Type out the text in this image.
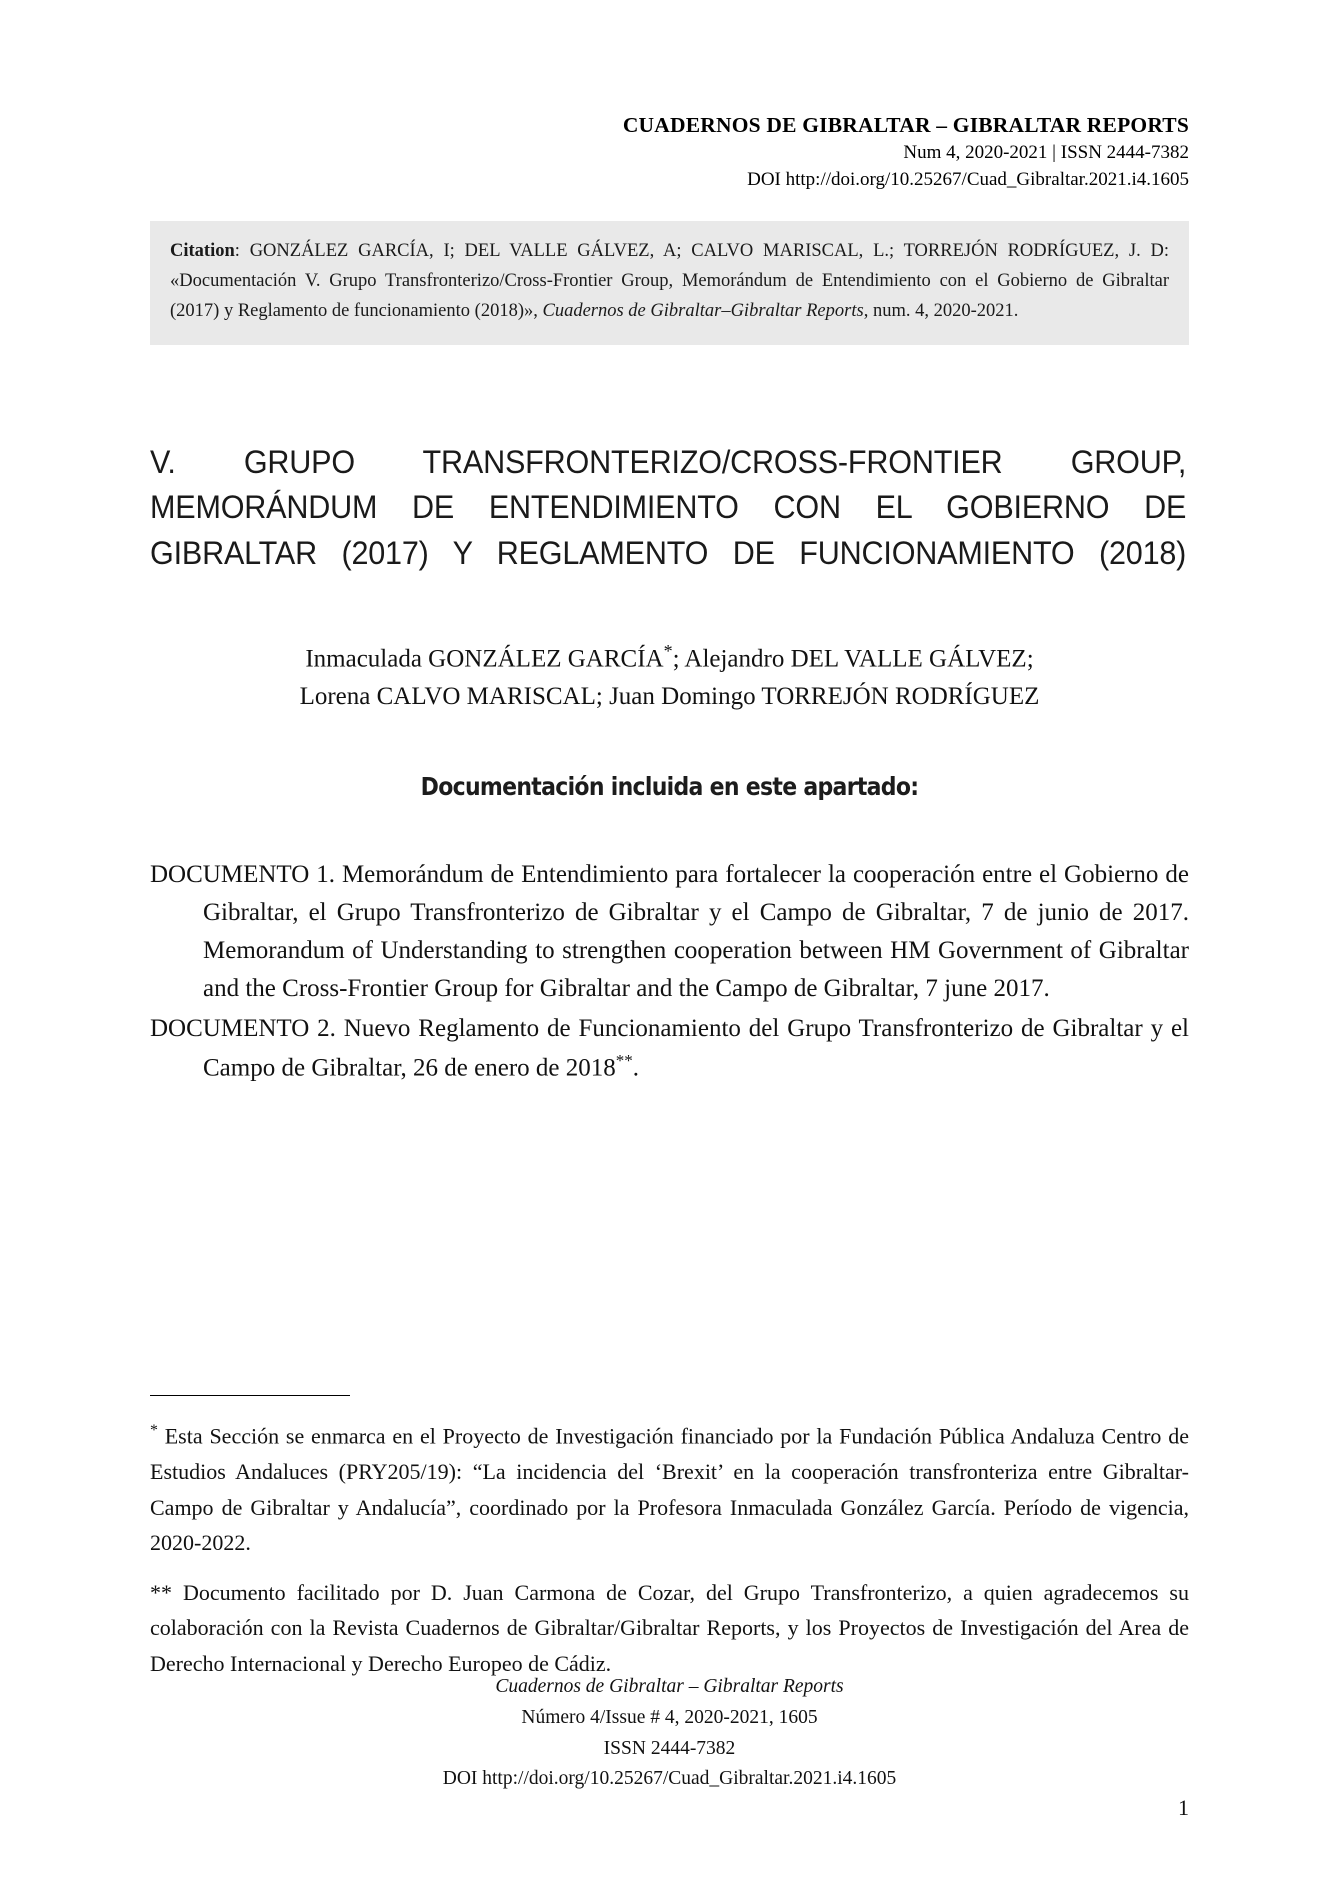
CUADERNOS DE GIBRALTAR – GIBRALTAR REPORTS
Num 4, 2020-2021 | ISSN 2444-7382
DOI http://doi.org/10.25267/Cuad_Gibraltar.2021.i4.1605

Citation: GONZÁLEZ GARCÍA, I; DEL VALLE GÁLVEZ, A; CALVO MARISCAL, L.; TORREJÓN RODRÍGUEZ, J. D: «Documentación V. Grupo Transfronterizo/Cross-Frontier Group, Memorándum de Entendimiento con el Gobierno de Gibraltar (2017) y Reglamento de funcionamiento (2018)», Cuadernos de Gibraltar–Gibraltar Reports, num. 4, 2020-2021.

V. GRUPO TRANSFRONTERIZO/CROSS-FRONTIER GROUP, MEMORÁNDUM DE ENTENDIMIENTO CON EL GOBIERNO DE GIBRALTAR (2017) Y REGLAMENTO DE FUNCIONAMIENTO (2018)
Inmaculada GONZÁLEZ GARCÍA*; Alejandro DEL VALLE GÁLVEZ;
Lorena CALVO MARISCAL; Juan Domingo TORREJÓN RODRÍGUEZ
Documentación incluida en este apartado:
DOCUMENTO 1. Memorándum de Entendimiento para fortalecer la cooperación entre el Gobierno de Gibraltar, el Grupo Transfronterizo de Gibraltar y el Campo de Gibraltar, 7 de junio de 2017. Memorandum of Understanding to strengthen cooperation between HM Government of Gibraltar and the Cross-Frontier Group for Gibraltar and the Campo de Gibraltar, 7 june 2017.
DOCUMENTO 2. Nuevo Reglamento de Funcionamiento del Grupo Transfronterizo de Gibraltar y el Campo de Gibraltar, 26 de enero de 2018**.

* Esta Sección se enmarca en el Proyecto de Investigación financiado por la Fundación Pública Andaluza Centro de Estudios Andaluces (PRY205/19): “La incidencia del ‘Brexit’ en la cooperación transfronteriza entre Gibraltar-Campo de Gibraltar y Andalucía”, coordinado por la Profesora Inmaculada González García. Período de vigencia, 2020-2022.

** Documento facilitado por D. Juan Carmona de Cozar, del Grupo Transfronterizo, a quien agradecemos su colaboración con la Revista Cuadernos de Gibraltar/Gibraltar Reports, y los Proyectos de Investigación del Area de Derecho Internacional y Derecho Europeo de Cádiz.

Cuadernos de Gibraltar – Gibraltar Reports
Número 4/Issue # 4, 2020-2021, 1605
ISSN 2444-7382
DOI http://doi.org/10.25267/Cuad_Gibraltar.2021.i4.1605
1
